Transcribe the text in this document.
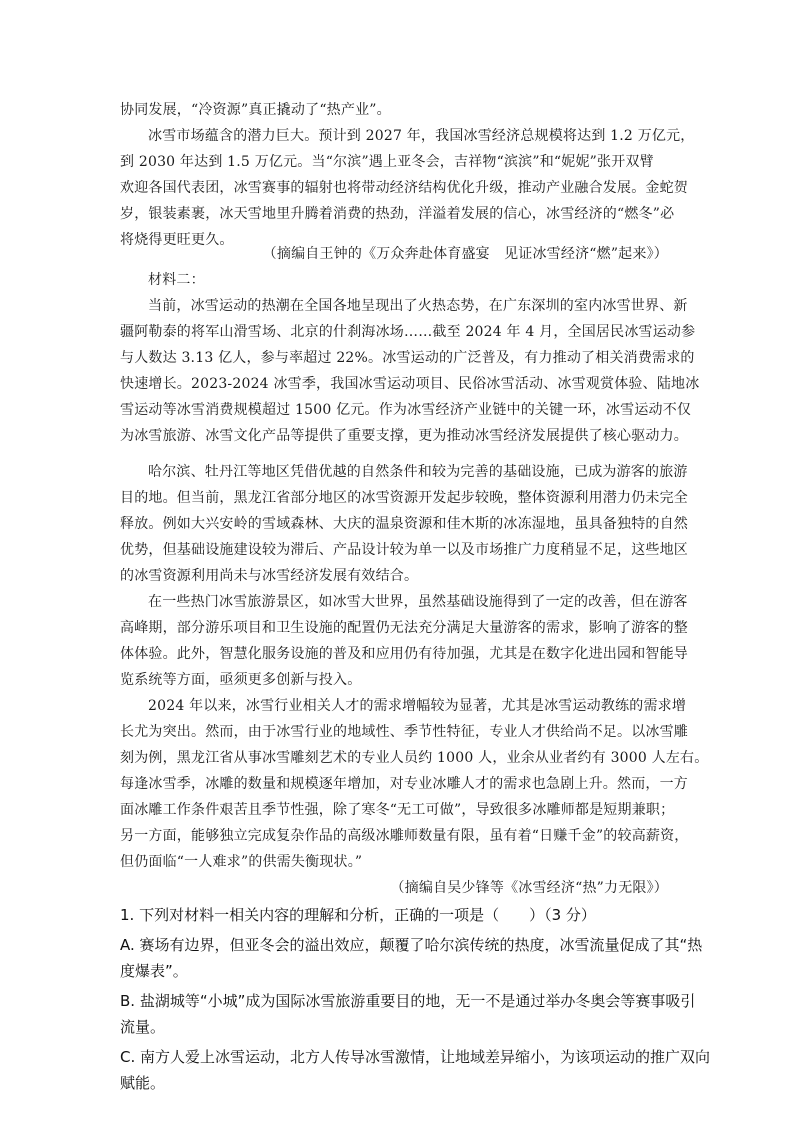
协同发展，“冷资源”真正撬动了“热产业”。
冰雪市场蕴含的潜力巨大。预计到 2027 年，我国冰雪经济总规模将达到 1.2 万亿元，
到 2030 年达到 1.5 万亿元。当“尔滨”遇上亚冬会，吉祥物“滨滨”和“妮妮”张开双臂
欢迎各国代表团，冰雪赛事的辐射也将带动经济结构优化升级，推动产业融合发展。金蛇贺
岁，银装素裹，冰天雪地里升腾着消费的热劲，洋溢着发展的信心，冰雪经济的“燃冬”必
将烧得更旺更久。
（摘编自王钟的《万众奔赴体育盛宴　见证冰雪经济“燃”起来》）
材料二：
当前，冰雪运动的热潮在全国各地呈现出了火热态势，在广东深圳的室内冰雪世界、新
疆阿勒泰的将军山滑雪场、北京的什刹海冰场……截至 2024 年 4 月，全国居民冰雪运动参
与人数达 3.13 亿人，参与率超过 22%。冰雪运动的广泛普及，有力推动了相关消费需求的
快速增长。2023-2024 冰雪季，我国冰雪运动项目、民俗冰雪活动、冰雪观赏体验、陆地冰
雪运动等冰雪消费规模超过 1500 亿元。作为冰雪经济产业链中的关键一环，冰雪运动不仅
为冰雪旅游、冰雪文化产品等提供了重要支撑，更为推动冰雪经济发展提供了核心驱动力。
哈尔滨、牡丹江等地区凭借优越的自然条件和较为完善的基础设施，已成为游客的旅游
目的地。但当前，黑龙江省部分地区的冰雪资源开发起步较晚，整体资源利用潜力仍未完全
释放。例如大兴安岭的雪域森林、大庆的温泉资源和佳木斯的冰冻湿地，虽具备独特的自然
优势，但基础设施建设较为滞后、产品设计较为单一以及市场推广力度稍显不足，这些地区
的冰雪资源利用尚未与冰雪经济发展有效结合。
在一些热门冰雪旅游景区，如冰雪大世界，虽然基础设施得到了一定的改善，但在游客
高峰期，部分游乐项目和卫生设施的配置仍无法充分满足大量游客的需求，影响了游客的整
体体验。此外，智慧化服务设施的普及和应用仍有待加强，尤其是在数字化进出园和智能导
览系统等方面，亟须更多创新与投入。
2024 年以来，冰雪行业相关人才的需求增幅较为显著，尤其是冰雪运动教练的需求增
长尤为突出。然而，由于冰雪行业的地域性、季节性特征，专业人才供给尚不足。以冰雪雕
刻为例，黑龙江省从事冰雪雕刻艺术的专业人员约 1000 人，业余从业者约有 3000 人左右。
每逢冰雪季，冰雕的数量和规模逐年增加，对专业冰雕人才的需求也急剧上升。然而，一方
面冰雕工作条件艰苦且季节性强，除了寒冬“无工可做”，导致很多冰雕师都是短期兼职；
另一方面，能够独立完成复杂作品的高级冰雕师数量有限，虽有着“日赚千金”的较高薪资，
但仍面临“一人难求”的供需失衡现状。”
（摘编自吴少锋等《冰雪经济“热”力无限》）
1. 下列对材料一相关内容的理解和分析，正确的一项是（　　）（3 分）
A. 赛场有边界，但亚冬会的溢出效应，颠覆了哈尔滨传统的热度，冰雪流量促成了其“热
度爆表”。
B. 盐湖城等“小城”成为国际冰雪旅游重要目的地，无一不是通过举办冬奥会等赛事吸引
流量。
C. 南方人爱上冰雪运动，北方人传导冰雪激情，让地域差异缩小，为该项运动的推广双向
赋能。
